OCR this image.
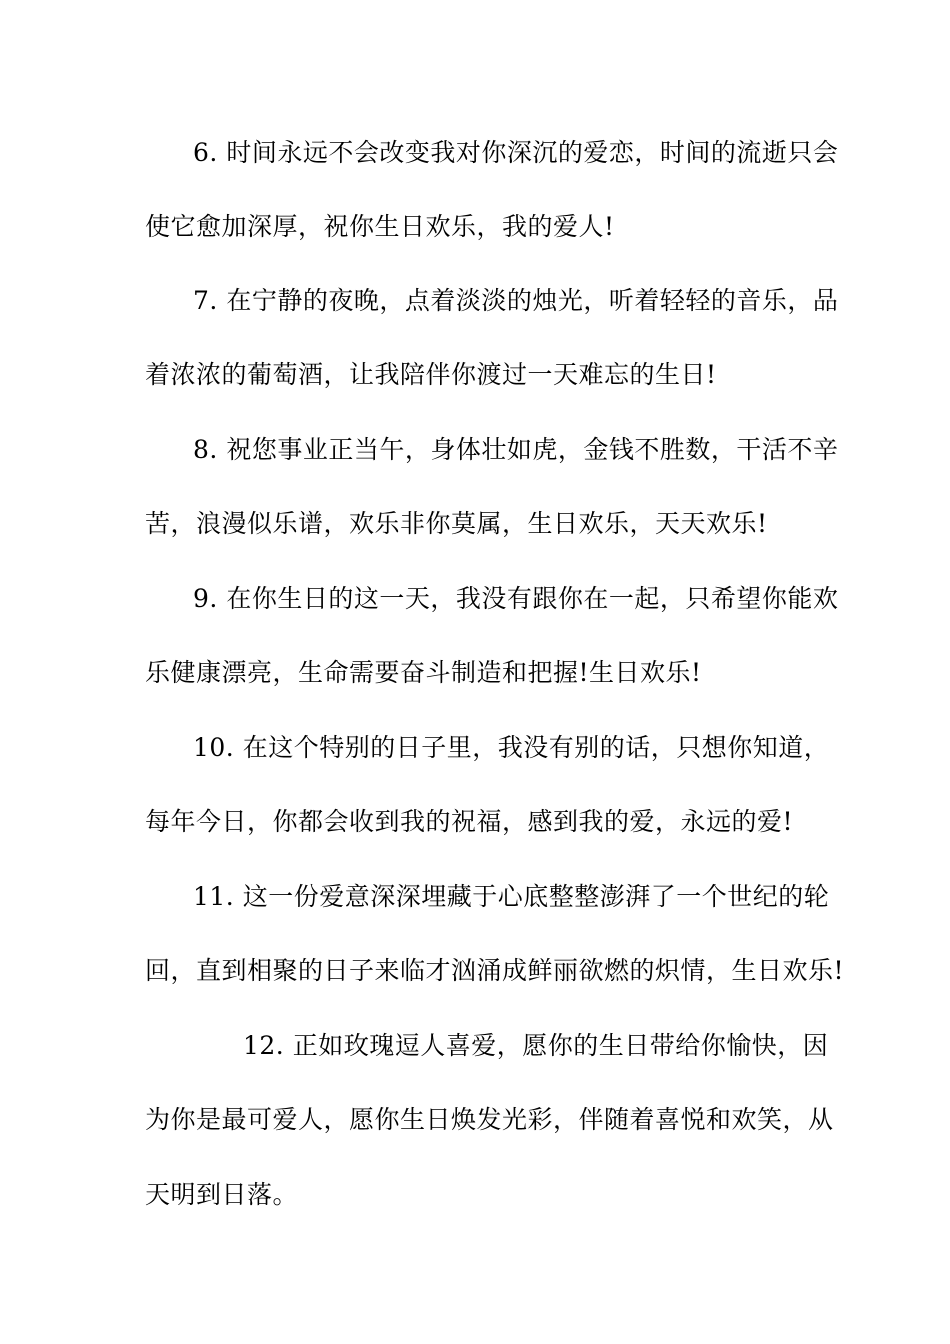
6. 时间永远不会改变我对你深沉的爱恋，时间的流逝只会
使它愈加深厚，祝你生日欢乐，我的爱人!
7. 在宁静的夜晚，点着淡淡的烛光，听着轻轻的音乐，品
着浓浓的葡萄酒，让我陪伴你渡过一天难忘的生日!
8. 祝您事业正当午，身体壮如虎，金钱不胜数，干活不辛
苦，浪漫似乐谱，欢乐非你莫属，生日欢乐，天天欢乐!
9. 在你生日的这一天，我没有跟你在一起，只希望你能欢
乐健康漂亮，生命需要奋斗制造和把握!生日欢乐!
10. 在这个特别的日子里，我没有别的话，只想你知道，
每年今日，你都会收到我的祝福，感到我的爱，永远的爱!
11. 这一份爱意深深埋藏于心底整整澎湃了一个世纪的轮
回，直到相聚的日子来临才汹涌成鲜丽欲燃的炽情，生日欢乐!
12. 正如玫瑰逗人喜爱，愿你的生日带给你愉快，因
为你是最可爱人，愿你生日焕发光彩，伴随着喜悦和欢笑，从
天明到日落。
